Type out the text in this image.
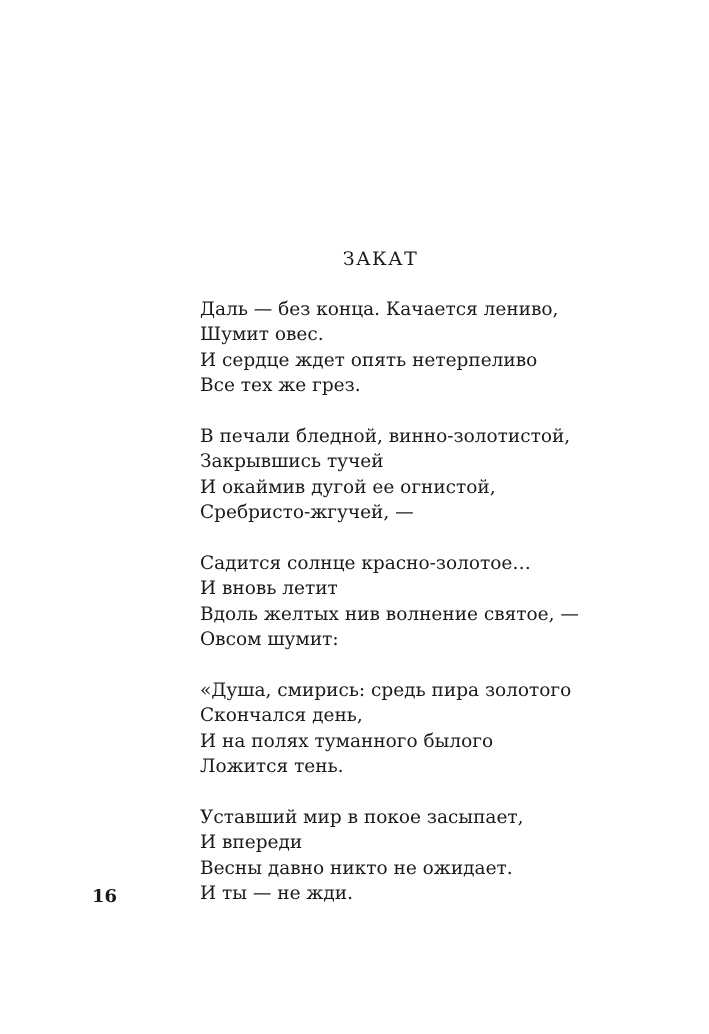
ЗАКАТ
Даль — без конца. Качается лениво,
Шумит овес.
И сердце ждет опять нетерпеливо
Все тех же грез.
В печали бледной, винно-золотистой,
Закрывшись тучей
И окаймив дугой ее огнистой,
Сребристо-жгучей, —
Садится солнце красно-золотое…
И вновь летит
Вдоль желтых нив волнение святое, —
Овсом шумит:
«Душа, смирись: средь пира золотого
Скончался день,
И на полях туманного былого
Ложится тень.
Уставший мир в покое засыпает,
И впереди
Весны давно никто не ожидает.
И ты — не жди.
16
